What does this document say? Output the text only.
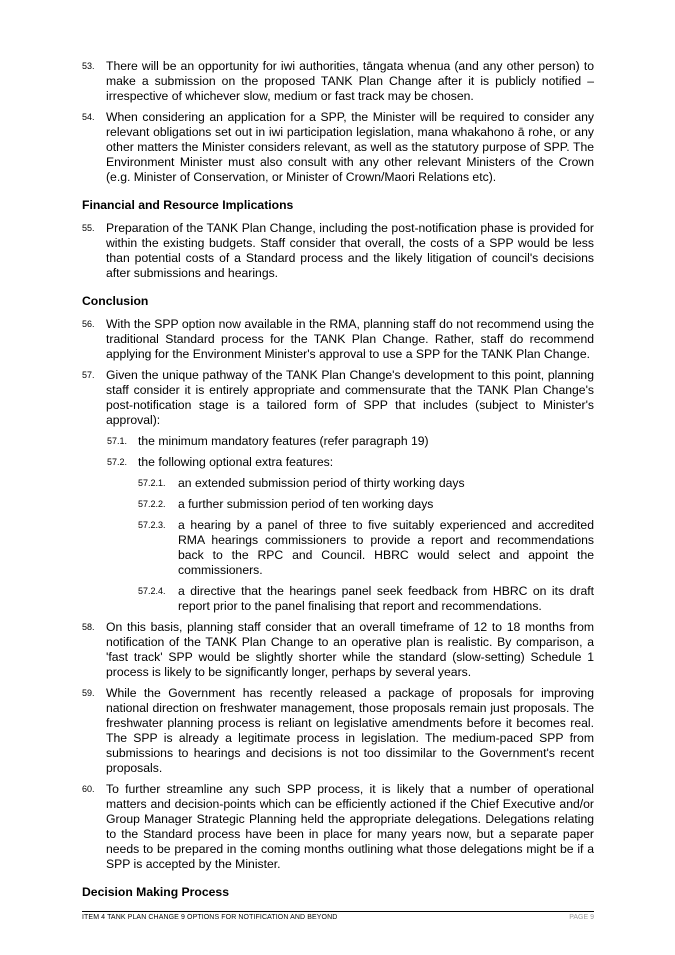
53. There will be an opportunity for iwi authorities, tāngata whenua (and any other person) to make a submission on the proposed TANK Plan Change after it is publicly notified – irrespective of whichever slow, medium or fast track may be chosen.
54. When considering an application for a SPP, the Minister will be required to consider any relevant obligations set out in iwi participation legislation, mana whakahono ā rohe, or any other matters the Minister considers relevant, as well as the statutory purpose of SPP. The Environment Minister must also consult with any other relevant Ministers of the Crown (e.g. Minister of Conservation, or Minister of Crown/Maori Relations etc).
Financial and Resource Implications
55. Preparation of the TANK Plan Change, including the post-notification phase is provided for within the existing budgets. Staff consider that overall, the costs of a SPP would be less than potential costs of a Standard process and the likely litigation of council's decisions after submissions and hearings.
Conclusion
56. With the SPP option now available in the RMA, planning staff do not recommend using the traditional Standard process for the TANK Plan Change. Rather, staff do recommend applying for the Environment Minister's approval to use a SPP for the TANK Plan Change.
57. Given the unique pathway of the TANK Plan Change's development to this point, planning staff consider it is entirely appropriate and commensurate that the TANK Plan Change's post-notification stage is a tailored form of SPP that includes (subject to Minister's approval):
57.1. the minimum mandatory features (refer paragraph 19)
57.2. the following optional extra features:
57.2.1.	an extended submission period of thirty working days
57.2.2.	a further submission period of ten working days
57.2.3.	a hearing by a panel of three to five suitably experienced and accredited RMA hearings commissioners to provide a report and recommendations back to the RPC and Council. HBRC would select and appoint the commissioners.
57.2.4.	a directive that the hearings panel seek feedback from HBRC on its draft report prior to the panel finalising that report and recommendations.
58. On this basis, planning staff consider that an overall timeframe of 12 to 18 months from notification of the TANK Plan Change to an operative plan is realistic. By comparison, a 'fast track' SPP would be slightly shorter while the standard (slow-setting) Schedule 1 process is likely to be significantly longer, perhaps by several years.
59. While the Government has recently released a package of proposals for improving national direction on freshwater management, those proposals remain just proposals. The freshwater planning process is reliant on legislative amendments before it becomes real. The SPP is already a legitimate process in legislation. The medium-paced SPP from submissions to hearings and decisions is not too dissimilar to the Government's recent proposals.
60. To further streamline any such SPP process, it is likely that a number of operational matters and decision-points which can be efficiently actioned if the Chief Executive and/or Group Manager Strategic Planning held the appropriate delegations. Delegations relating to the Standard process have been in place for many years now, but a separate paper needs to be prepared in the coming months outlining what those delegations might be if a SPP is accepted by the Minister.
Decision Making Process
ITEM 4 TANK PLAN CHANGE 9 OPTIONS FOR NOTIFICATION AND BEYOND	PAGE 9
